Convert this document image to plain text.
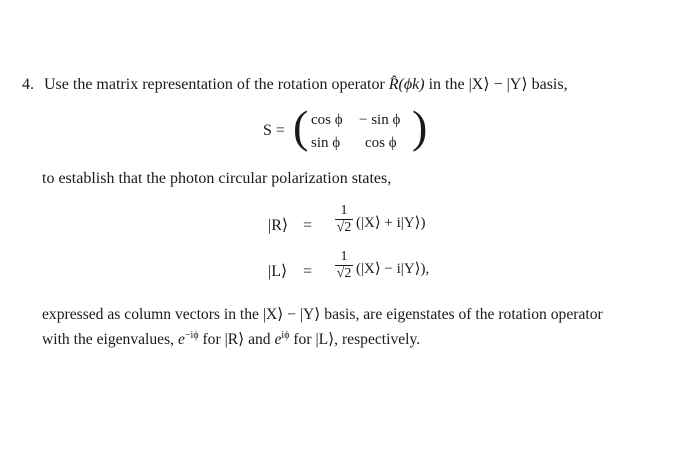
4. Use the matrix representation of the rotation operator R̂(ϕk) in the |X⟩ − |Y⟩ basis,
S = ( cos ϕ − sin ϕ
sin ϕ cos ϕ )
to establish that the photon circular polarization states,
|R⟩ =
1
√2 (|X⟩ + i|Y⟩)
|L⟩ =
1
√2 (|X⟩ − i|Y⟩),
expressed as column vectors in the |X⟩ − |Y⟩ basis, are eigenstates of the rotation operator
with the eigenvalues, $e^{-i\phi}$ for |R⟩ and $e^{i\phi}$ for |L⟩, respectively.
